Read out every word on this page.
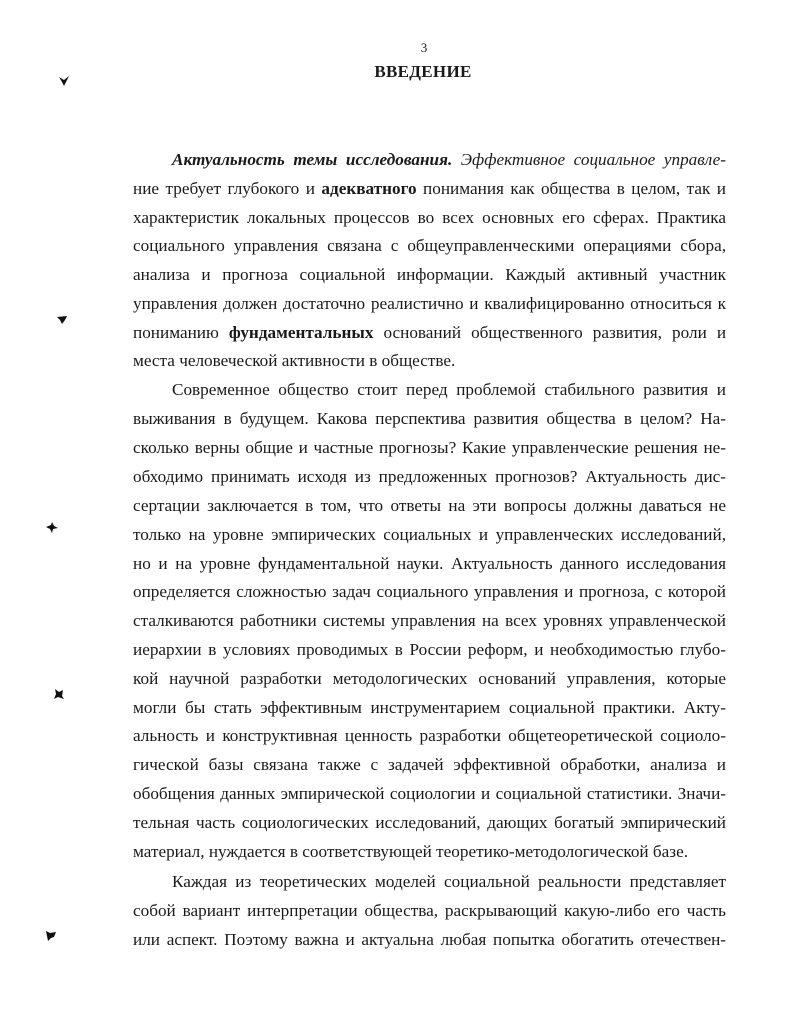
3
ВВЕДЕНИЕ
Актуальность темы исследования. Эффективное социальное управле-
ние требует глубокого и адекватного понимания как общества в целом, так и
характеристик локальных процессов во всех основных его сферах. Практика
социального управления связана с общеуправленческими операциями сбора,
анализа и прогноза социальной информации. Каждый активный участник
управления должен достаточно реалистично и квалифицированно относиться к
пониманию фундаментальных оснований общественного развития, роли и
места человеческой активности в обществе.
Современное общество стоит перед проблемой стабильного развития и
выживания в будущем. Какова перспектива развития общества в целом? На-
сколько верны общие и частные прогнозы? Какие управленческие решения не-
обходимо принимать исходя из предложенных прогнозов? Актуальность дис-
сертации заключается в том, что ответы на эти вопросы должны даваться не
только на уровне эмпирических социальных и управленческих исследований,
но и на уровне фундаментальной науки. Актуальность данного исследования
определяется сложностью задач социального управления и прогноза, с которой
сталкиваются работники системы управления на всех уровнях управленческой
иерархии в условиях проводимых в России реформ, и необходимостью глубо-
кой научной разработки методологических оснований управления, которые
могли бы стать эффективным инструментарием социальной практики. Акту-
альность и конструктивная ценность разработки общетеоретической социоло-
гической базы связана также с задачей эффективной обработки, анализа и
обобщения данных эмпирической социологии и социальной статистики. Значи-
тельная часть социологических исследований, дающих богатый эмпирический
материал, нуждается в соответствующей теоретико-методологической базе.
Каждая из теоретических моделей социальной реальности представляет
собой вариант интерпретации общества, раскрывающий какую-либо его часть
или аспект. Поэтому важна и актуальна любая попытка обогатить отечествен-
